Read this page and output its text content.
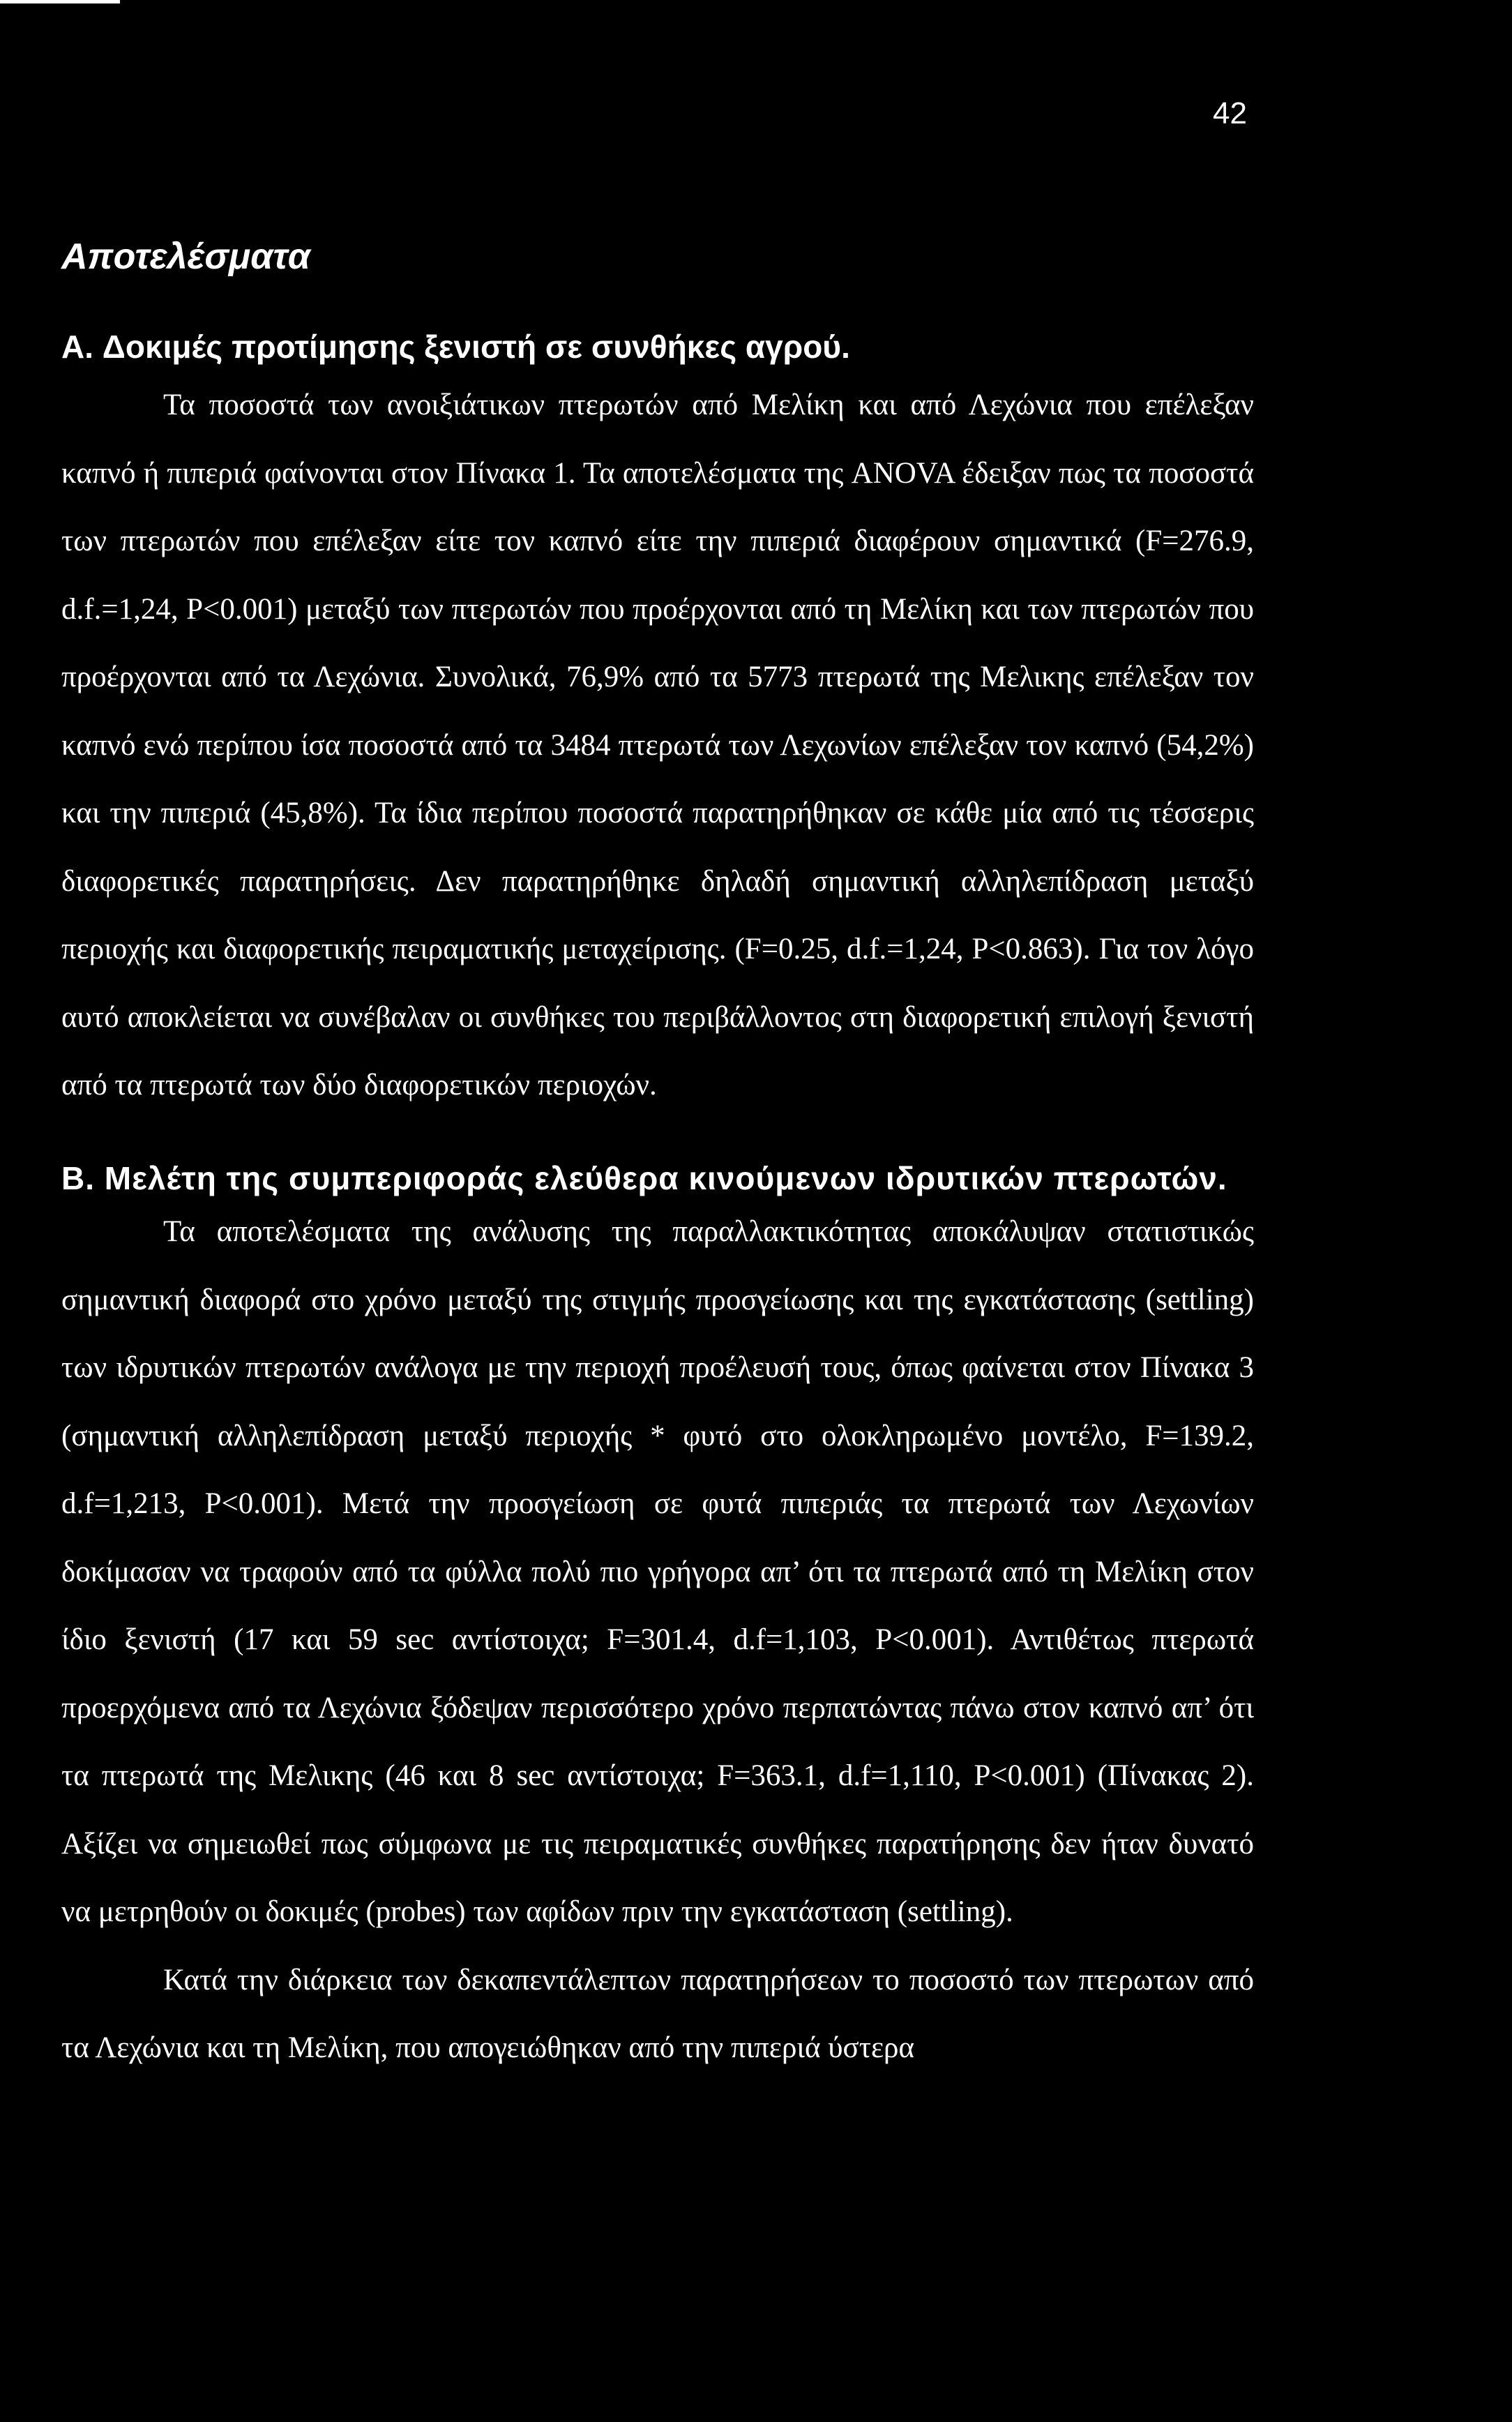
42
Αποτελέσματα
A. Δοκιμές προτίμησης ξενιστή σε συνθήκες αγρού.

Τα ποσοστά των ανοιξιάτικων πτερωτών από Μελίκη και από Λεχώνια που επέλεξαν καπνό ή πιπεριά φαίνονται στον Πίνακα 1. Τα αποτελέσματα της ANOVA έδειξαν πως τα ποσοστά των πτερωτών που επέλεξαν είτε τον καπνό είτε την πιπεριά διαφέρουν σημαντικά (F=276.9, d.f.=1,24, P<0.001) μεταξύ των πτερωτών που προέρχονται από τη Μελίκη και των πτερωτών που προέρχονται από τα Λεχώνια. Συνολικά, 76,9% από τα 5773 πτερωτά της Μελικης επέλεξαν τον καπνό ενώ περίπου ίσα ποσοστά από τα 3484 πτερωτά των Λεχωνίων επέλεξαν τον καπνό (54,2%) και την πιπεριά (45,8%). Τα ίδια περίπου ποσοστά παρατηρήθηκαν σε κάθε μία από τις τέσσερις διαφορετικές παρατηρήσεις. Δεν παρατηρήθηκε δηλαδή σημαντική αλληλεπίδραση μεταξύ περιοχής και διαφορετικής πειραματικής μεταχείρισης. (F=0.25, d.f.=1,24, P<0.863). Για τον λόγο αυτό αποκλείεται να συνέβαλαν οι συνθήκες του περιβάλλοντος στη διαφορετική επιλογή ξενιστή από τα πτερωτά των δύο διαφορετικών περιοχών.

B. Μελέτη της συμπεριφοράς ελεύθερα κινούμενων ιδρυτικών πτερωτών.

Τα αποτελέσματα της ανάλυσης της παραλλακτικότητας αποκάλυψαν στατιστικώς σημαντική διαφορά στο χρόνο μεταξύ της στιγμής προσγείωσης και της εγκατάστασης (settling) των ιδρυτικών πτερωτών ανάλογα με την περιοχή προέλευσή τους, όπως φαίνεται στον Πίνακα 3 (σημαντική αλληλεπίδραση μεταξύ περιοχής * φυτό στο ολοκληρωμένο μοντέλο, F=139.2, d.f=1,213, P<0.001). Μετά την προσγείωση σε φυτά πιπεριάς τα πτερωτά των Λεχωνίων δοκίμασαν να τραφούν από τα φύλλα πολύ πιο γρήγορα απ’ ότι τα πτερωτά από τη Μελίκη στον ίδιο ξενιστή (17 και 59 sec αντίστοιχα; F=301.4, d.f=1,103, P<0.001). Αντιθέτως πτερωτά προερχόμενα από τα Λεχώνια ξόδεψαν περισσότερο χρόνο περπατώντας πάνω στον καπνό απ’ ότι τα πτερωτά της Μελικης (46 και 8 sec αντίστοιχα; F=363.1, d.f=1,110, P<0.001) (Πίνακας 2). Αξίζει να σημειωθεί πως σύμφωνα με τις πειραματικές συνθήκες παρατήρησης δεν ήταν δυνατό να μετρηθούν οι δοκιμές (probes) των αφίδων πριν την εγκατάσταση (settling).

Κατά την διάρκεια των δεκαπεντάλεπτων παρατηρήσεων το ποσοστό των πτερωτων από τα Λεχώνια και τη Μελίκη, που απογειώθηκαν από την πιπεριά ύστερα
